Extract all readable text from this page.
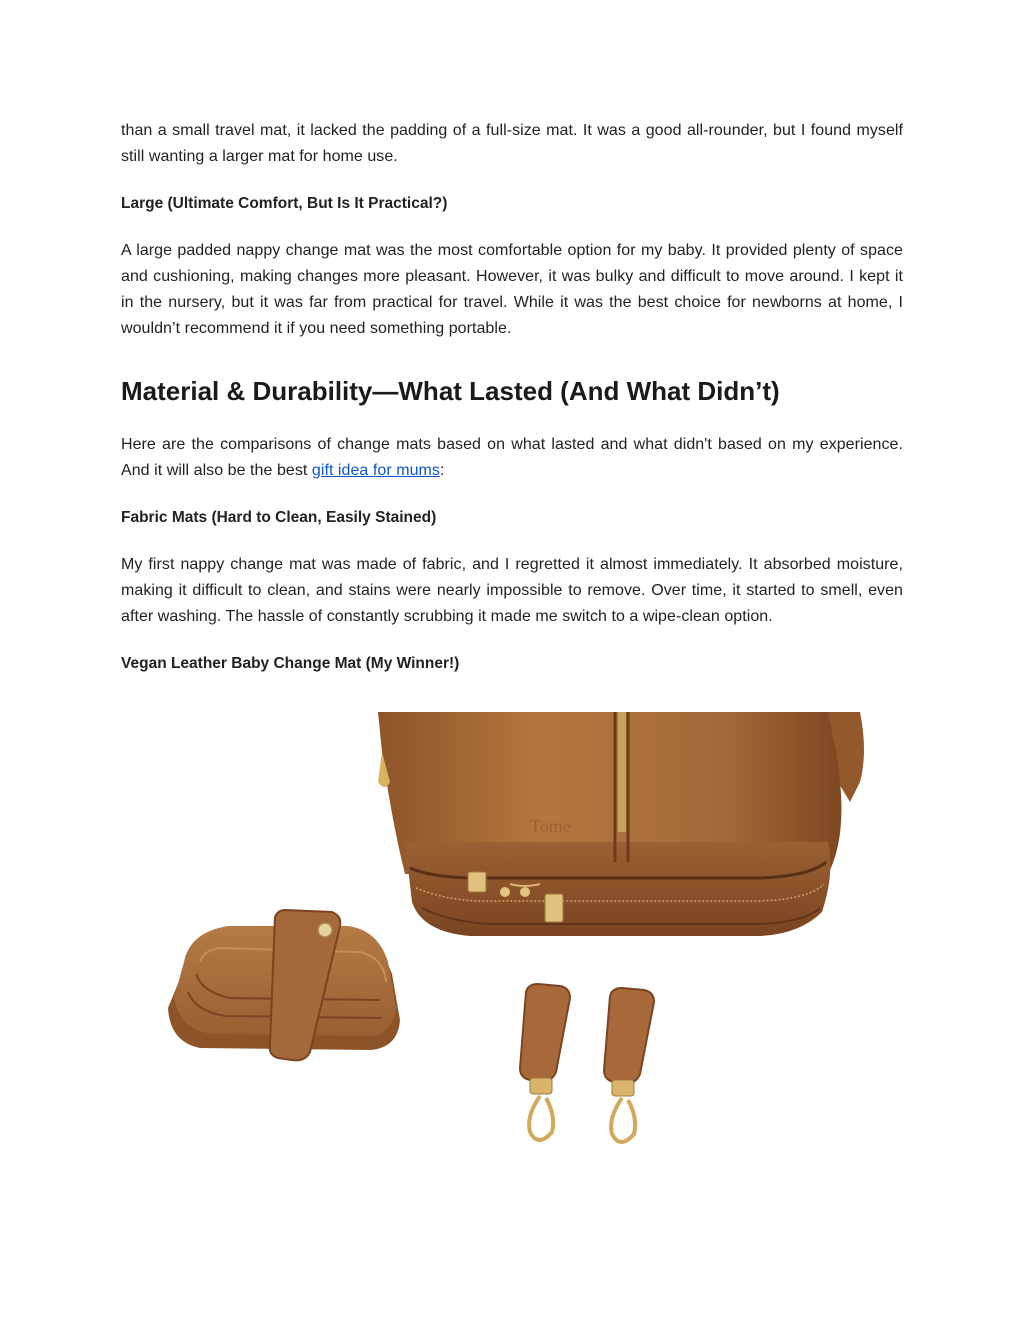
than a small travel mat, it lacked the padding of a full-size mat. It was a good all-rounder, but I found myself still wanting a larger mat for home use.

Large (Ultimate Comfort, But Is It Practical?)

A large padded nappy change mat was the most comfortable option for my baby. It provided plenty of space and cushioning, making changes more pleasant. However, it was bulky and difficult to move around. I kept it in the nursery, but it was far from practical for travel. While it was the best choice for newborns at home, I wouldn’t recommend it if you need something portable.

Material & Durability—What Lasted (And What Didn’t)

Here are the comparisons of change mats based on what lasted and what didn't based on my experience. And it will also be the best gift idea for mums:

Fabric Mats (Hard to Clean, Easily Stained)

My first nappy change mat was made of fabric, and I regretted it almost immediately. It absorbed moisture, making it difficult to clean, and stains were nearly impossible to remove. Over time, it started to smell, even after washing. The hassle of constantly scrubbing it made me switch to a wipe-clean option.

Vegan Leather Baby Change Mat (My Winner!)

Tome
